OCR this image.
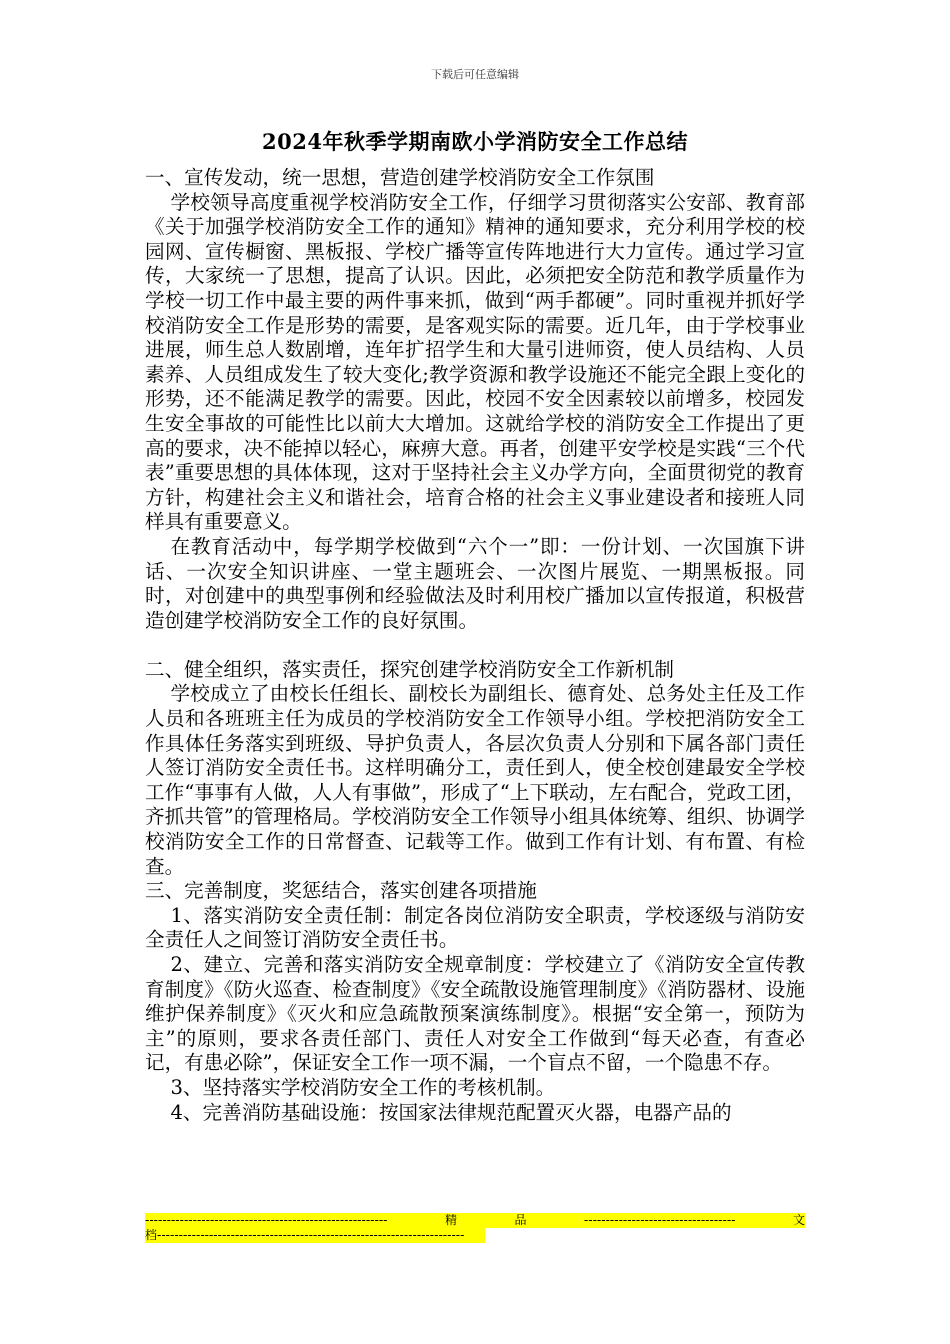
下载后可任意编辑
2024年秋季学期南欧小学消防安全工作总结

一、宣传发动，统一思想，营造创建学校消防安全工作氛围

学校领导高度重视学校消防安全工作，仔细学习贯彻落实公安部、教育部《关于加强学校消防安全工作的通知》精神的通知要求，充分利用学校的校园网、宣传橱窗、黑板报、学校广播等宣传阵地进行大力宣传。通过学习宣传，大家统一了思想，提高了认识。因此，必须把安全防范和教学质量作为学校一切工作中最主要的两件事来抓，做到“两手都硬”。同时重视并抓好学校消防安全工作是形势的需要，是客观实际的需要。近几年，由于学校事业进展，师生总人数剧增，连年扩招学生和大量引进师资，使人员结构、人员素养、人员组成发生了较大变化;教学资源和教学设施还不能完全跟上变化的形势，还不能满足教学的需要。因此，校园不安全因素较以前增多，校园发生安全事故的可能性比以前大大增加。这就给学校的消防安全工作提出了更高的要求，决不能掉以轻心，麻痹大意。再者，创建平安学校是实践“三个代表”重要思想的具体体现，这对于坚持社会主义办学方向，全面贯彻党的教育方针，构建社会主义和谐社会，培育合格的社会主义事业建设者和接班人同样具有重要意义。

在教育活动中，每学期学校做到“六个一”即：一份计划、一次国旗下讲话、一次安全知识讲座、一堂主题班会、一次图片展览、一期黑板报。同时，对创建中的典型事例和经验做法及时利用校广播加以宣传报道，积极营造创建学校消防安全工作的良好氛围。

二、健全组织，落实责任，探究创建学校消防安全工作新机制

学校成立了由校长任组长、副校长为副组长、德育处、总务处主任及工作人员和各班班主任为成员的学校消防安全工作领导小组。学校把消防安全工作具体任务落实到班级、导护负责人，各层次负责人分别和下属各部门责任人签订消防安全责任书。这样明确分工，责任到人，使全校创建最安全学校工作“事事有人做，人人有事做”，形成了“上下联动，左右配合，党政工团，齐抓共管”的管理格局。学校消防安全工作领导小组具体统筹、组织、协调学校消防安全工作的日常督查、记载等工作。做到工作有计划、有布置、有检查。

三、完善制度，奖惩结合，落实创建各项措施

1、落实消防安全责任制：制定各岗位消防安全职责，学校逐级与消防安全责任人之间签订消防安全责任书。

2、建立、完善和落实消防安全规章制度：学校建立了《消防安全宣传教育制度》《防火巡查、检查制度》《安全疏散设施管理制度》《消防器材、设施维护保养制度》《灭火和应急疏散预案演练制度》。根据“安全第一，预防为主”的原则，要求各责任部门、责任人对安全工作做到“每天必查，有查必记，有患必除”，保证安全工作一项不漏，一个盲点不留，一个隐患不存。

3、坚持落实学校消防安全工作的考核机制。

4、完善消防基础设施：按国家法律规范配置灭火器，电器产品的

--------------------------------------------------------	精	品	-----------------------------------	文
档-----------------------------------------------------------------------
